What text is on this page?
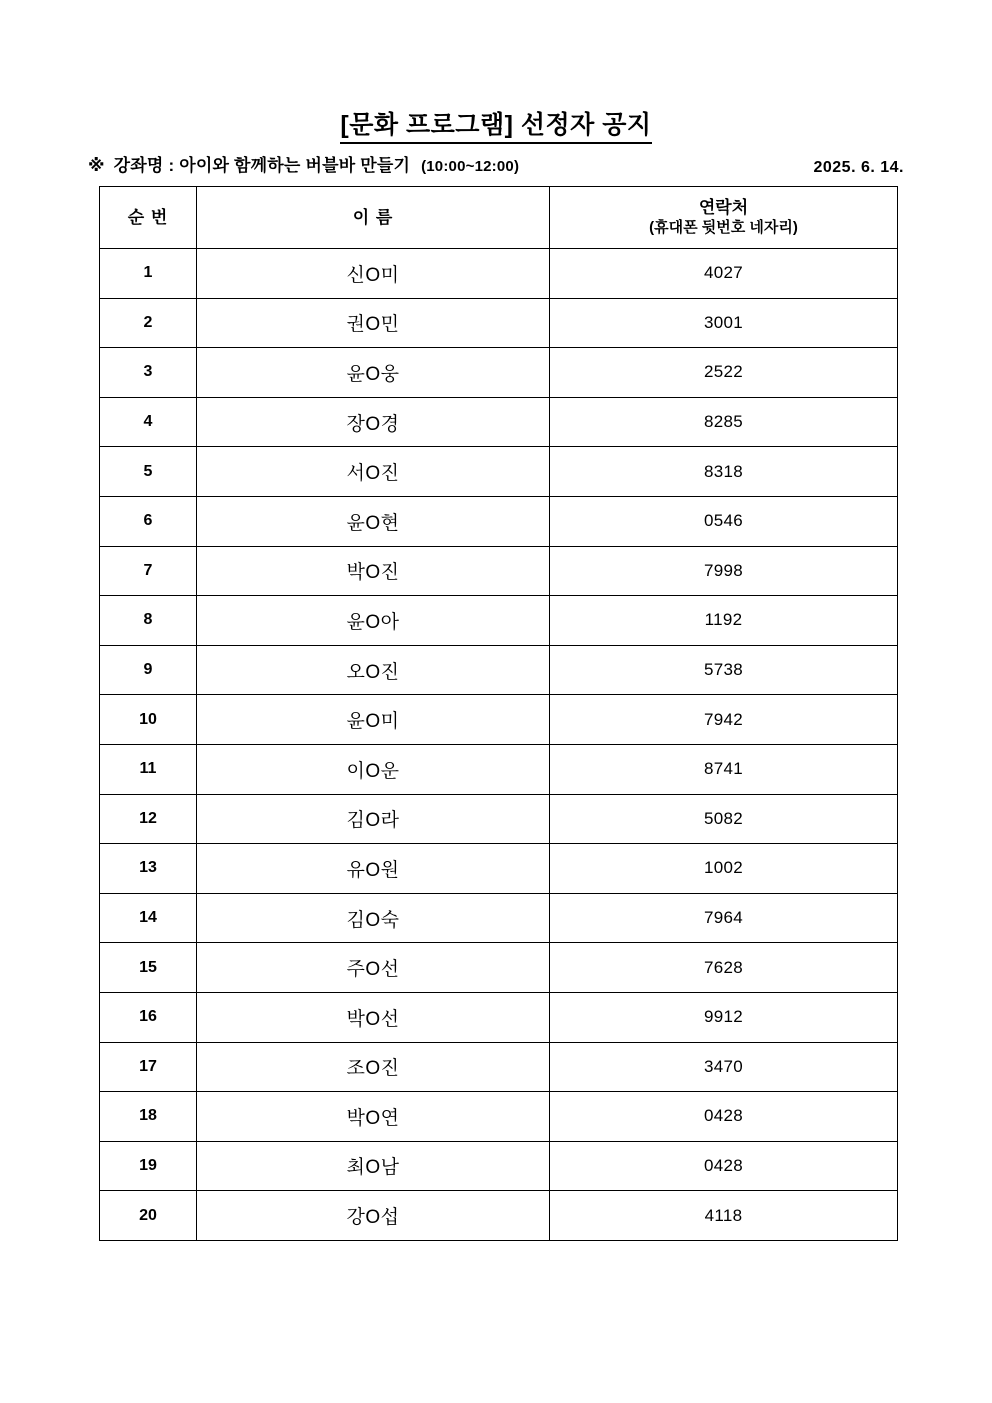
[문화 프로그램] 선정자 공지
※ 강좌명 : 아이와 함께하는 버블바 만들기 (10:00~12:00)	2025. 6. 14.
순 번	이 름	연락처
(휴대폰 뒷번호 네자리)

1	신O미	4027
2	권O민	3001
3	윤O웅	2522
4	장O경	8285
5	서O진	8318
6	윤O현	0546
7	박O진	7998
8	윤O아	1192
9	오O진	5738
10	윤O미	7942
11	이O운	8741
12	김O라	5082
13	유O원	1002
14	김O숙	7964
15	주O선	7628
16	박O선	9912
17	조O진	3470
18	박O연	0428
19	최O남	0428
20	강O섭	4118
